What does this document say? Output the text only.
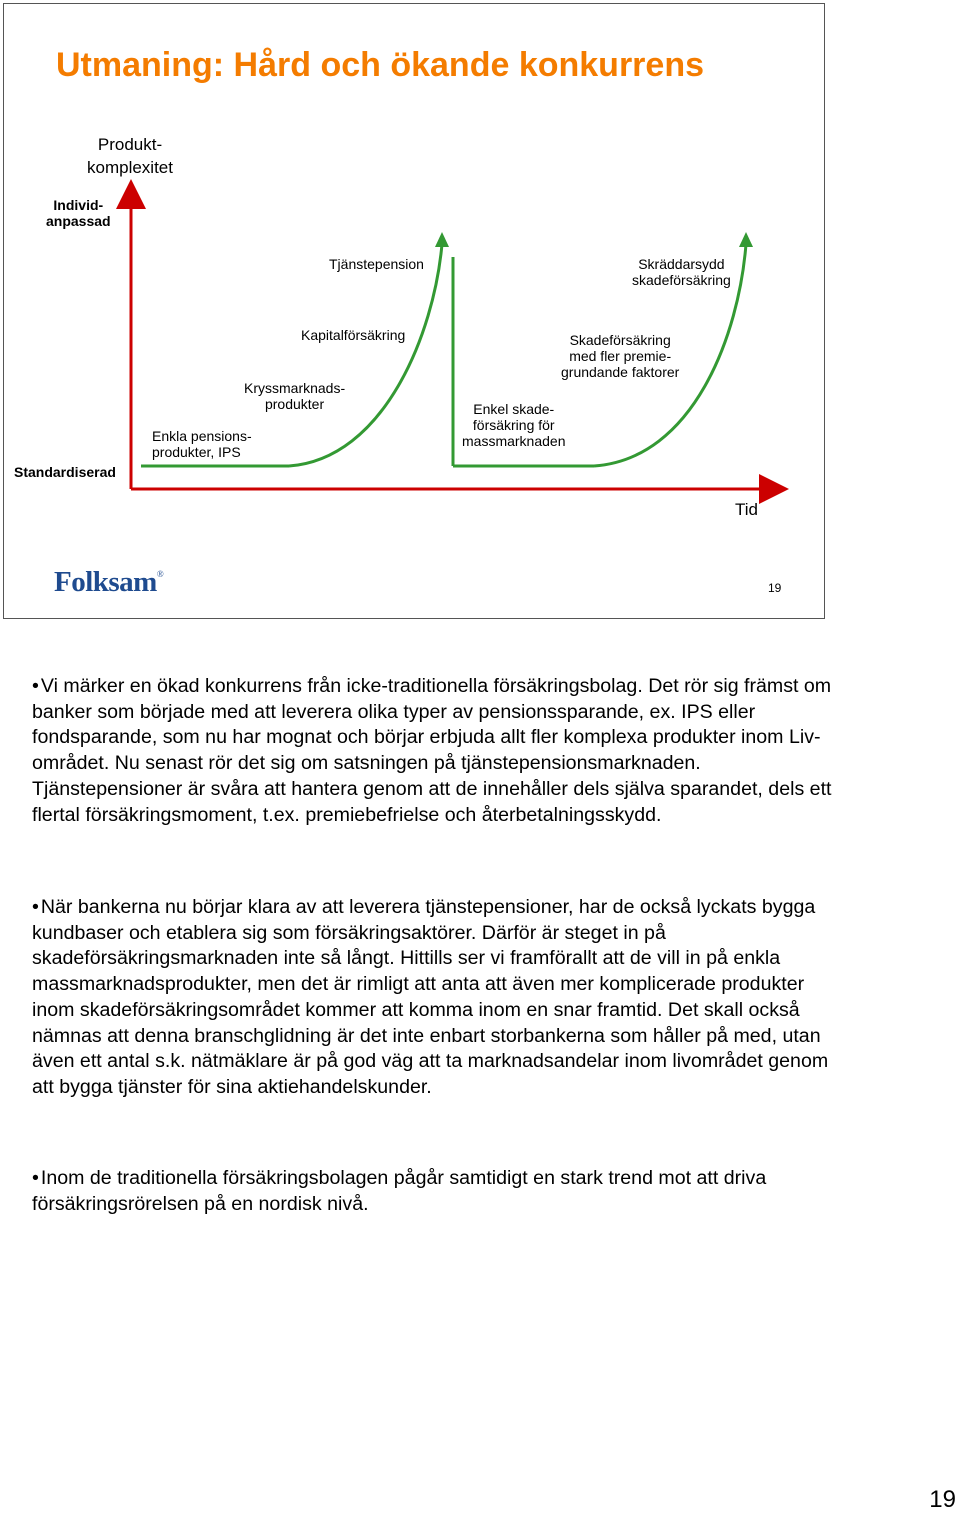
Utmaning: Hård och ökande konkurrens
Produkt-
komplexitet
Individ-
anpassad
Standardiserad
Tid
Enkla pensions-
produkter, IPS
Kryssmarknads-
produkter
Kapitalförsäkring
Tjänstepension
Enkel skade-
försäkring för
massmarknaden
Skadeförsäkring
med fler premie-
grundande faktorer
Skräddarsydd
skadeförsäkring
Folksam®
19
• Vi märker en ökad konkurrens från icke-traditionella försäkringsbolag. Det rör sig främst om banker som började med att leverera olika typer av pensionssparande, ex. IPS eller fondsparande, som nu har mognat och börjar erbjuda allt fler komplexa produkter inom Liv-området. Nu senast rör det sig om satsningen på tjänstepensionsmarknaden. Tjänstepensioner är svåra att hantera genom att de innehåller dels själva sparandet, dels ett flertal försäkringsmoment, t.ex. premiebefrielse och återbetalningsskydd.
• När bankerna nu börjar klara av att leverera tjänstepensioner, har de också lyckats bygga kundbaser och etablera sig som försäkringsaktörer. Därför är steget in på skadeförsäkringsmarknaden inte så långt. Hittills ser vi framförallt att de vill in på enkla massmarknadsprodukter, men det är rimligt att anta att även mer komplicerade produkter inom skadeförsäkringsområdet kommer att komma inom en snar framtid. Det skall också nämnas att denna branschglidning är det inte enbart storbankerna som håller på med, utan även ett antal s.k. nätmäklare är på god väg att ta marknadsandelar inom livområdet genom att bygga tjänster för sina aktiehandelskunder.
• Inom de traditionella försäkringsbolagen pågår samtidigt en stark trend mot att driva försäkringsrörelsen på en nordisk nivå.
19
